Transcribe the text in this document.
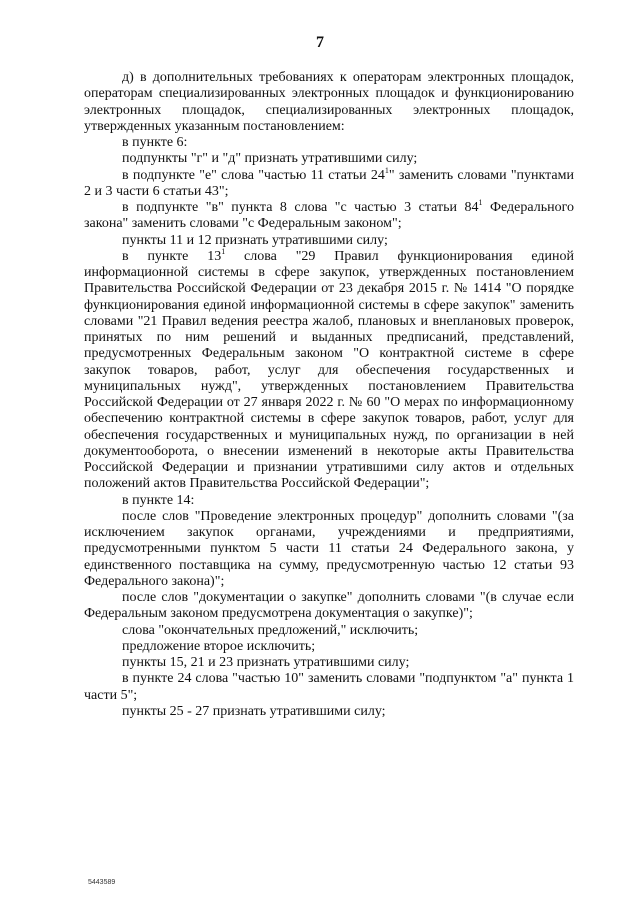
7

д) в дополнительных требованиях к операторам электронных площадок, операторам специализированных электронных площадок и функционированию электронных площадок, специализированных электронных площадок, утвержденных указанным постановлением:

в пункте 6:

подпункты "г" и "д" признать утратившими силу;

в подпункте "е" слова "частью 11 статьи $24^1$" заменить словами "пунктами 2 и 3 части 6 статьи 43";

в подпункте "в" пункта 8 слова "с частью 3 статьи $84^1$ Федерального закона" заменить словами "с Федеральным законом";

пункты 11 и 12 признать утратившими силу;

в пункте $13^1$ слова "29 Правил функционирования единой информационной системы в сфере закупок, утвержденных постановлением Правительства Российской Федерации от 23 декабря 2015 г. № 1414 "О порядке функционирования единой информационной системы в сфере закупок" заменить словами "21 Правил ведения реестра жалоб, плановых и внеплановых проверок, принятых по ним решений и выданных предписаний, представлений, предусмотренных Федеральным законом "О контрактной системе в сфере закупок товаров, работ, услуг для обеспечения государственных и муниципальных нужд", утвержденных постановлением Правительства Российской Федерации от 27 января 2022 г. № 60 "О мерах по информационному обеспечению контрактной системы в сфере закупок товаров, работ, услуг для обеспечения государственных и муниципальных нужд, по организации в ней документооборота, о внесении изменений в некоторые акты Правительства Российской Федерации и признании утратившими силу актов и отдельных положений актов Правительства Российской Федерации";

в пункте 14:

после слов "Проведение электронных процедур" дополнить словами "(за исключением закупок органами, учреждениями и предприятиями, предусмотренными пунктом 5 части 11 статьи 24 Федерального закона, у единственного поставщика на сумму, предусмотренную частью 12 статьи 93 Федерального закона)";

после слов "документации о закупке" дополнить словами "(в случае если Федеральным законом предусмотрена документация о закупке)";

слова "окончательных предложений," исключить;

предложение второе исключить;

пункты 15, 21 и 23 признать утратившими силу;

в пункте 24 слова "частью 10" заменить словами "подпунктом "а" пункта 1 части 5";

пункты 25 - 27 признать утратившими силу;

5443589
